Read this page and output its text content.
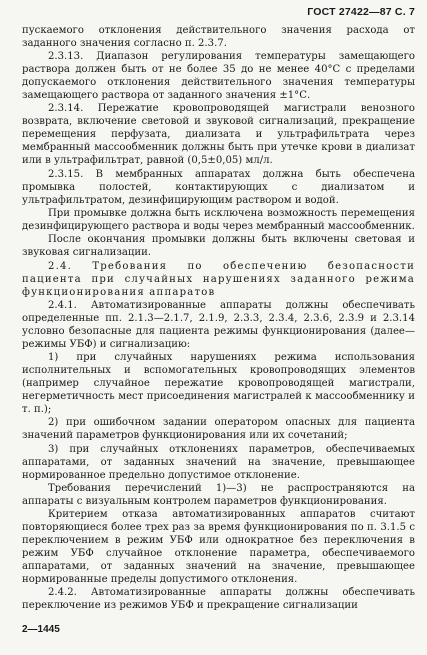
ГОСТ 27422—87 С. 7

пускаемого отклонения действительного значения расхода от заданного значения согласно п. 2.3.7.

2.3.13. Диапазон регулирования температуры замещающего раствора должен быть от не более 35 до не менее 40°С с пределами допускаемого отклонения действительного значения температуры замещающего раствора от заданного значения ±1°С.

2.3.14. Пережатие кровопроводящей магистрали венозного возврата, включение световой и звуковой сигнализаций, прекращение перемещения перфузата, диализата и ультрафильтрата через мембранный массообменник должны быть при утечке крови в диализат или в ультрафильтрат, равной (0,5±0,05) мл/л.

2.3.15. В мембранных аппаратах должна быть обеспечена промывка полостей, контактирующих с диализатом и ультрафильтратом, дезинфицирующим раствором и водой.

При промывке должна быть исключена возможность перемещения дезинфицирующего раствора и воды через мембранный массообменник.

После окончания промывки должны быть включены световая и звуковая сигнализации.

2.4. Требования по обеспечению безопасности пациента при случайных нарушениях заданного режима функционирования аппаратов

2.4.1. Автоматизированные аппараты должны обеспечивать определенные пп. 2.1.3—2.1.7, 2.1.9, 2.3.3, 2.3.4, 2.3.6, 2.3.9 и 2.3.14 условно безопасные для пациента режимы функционирования (далее— режимы УБФ) и сигнализацию:

1) при случайных нарушениях режима использования исполнительных и вспомогательных кровопроводящих элементов (например случайное пережатие кровопроводящей магистрали, негерметичность мест присоединения магистралей к массообменнику и т. п.);

2) при ошибочном задании оператором опасных для пациента значений параметров функционирования или их сочетаний;

3) при случайных отклонениях параметров, обеспечиваемых аппаратами, от заданных значений на значение, превышающее нормированное предельно допустимое отклонение.

Требования перечислений 1)—3) не распространяются на аппараты с визуальным контролем параметров функционирования.

Критерием отказа автоматизированных аппаратов считают повторяющиеся более трех раз за время функционирования по п. 3.1.5 с переключением в режим УБФ или однократное без переключения в режим УБФ случайное отклонение параметра, обеспечиваемого аппаратами, от заданных значений на значение, превышающее нормированные пределы допустимого отклонения.

2.4.2. Автоматизированные аппараты должны обеспечивать переключение из режимов УБФ и прекращение сигнализации

2—1445
